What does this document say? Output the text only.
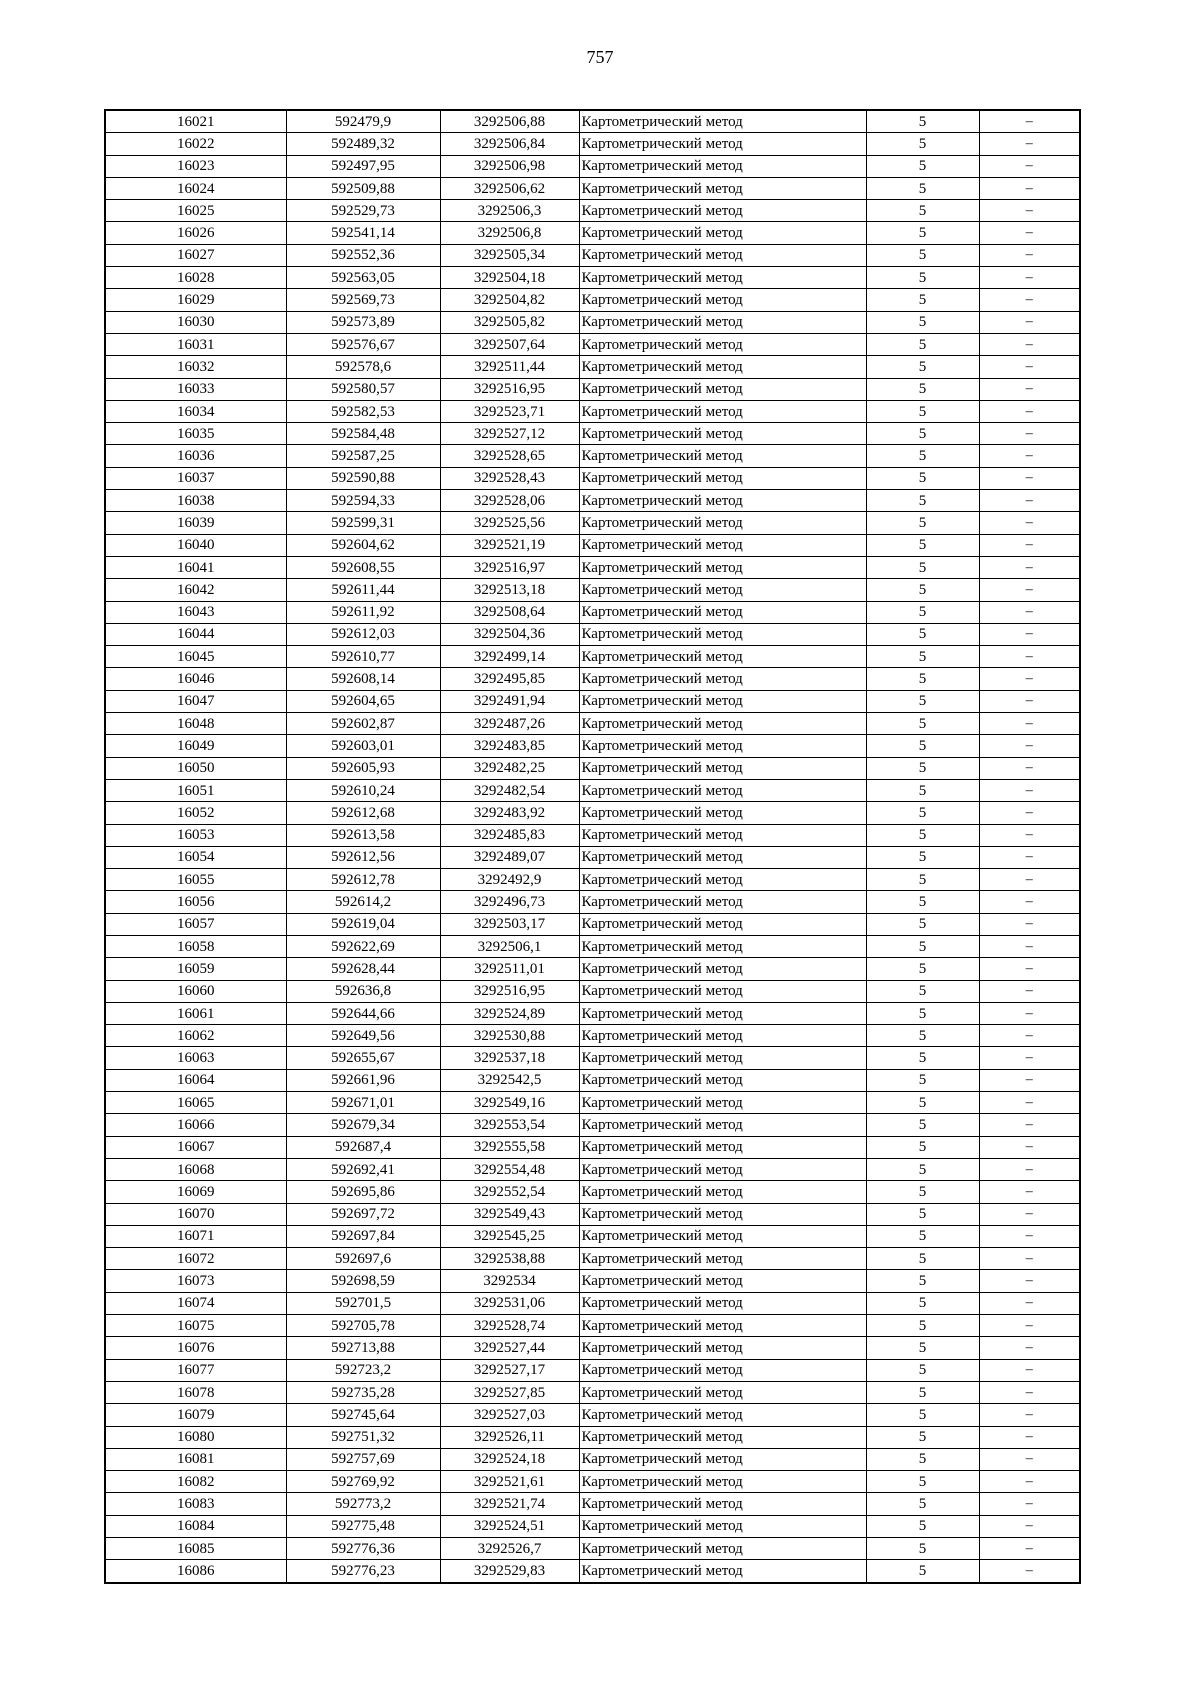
757
16021	592479,9	3292506,88	Картометрический метод	5	–
16022	592489,32	3292506,84	Картометрический метод	5	–
16023	592497,95	3292506,98	Картометрический метод	5	–
16024	592509,88	3292506,62	Картометрический метод	5	–
16025	592529,73	3292506,3	Картометрический метод	5	–
16026	592541,14	3292506,8	Картометрический метод	5	–
16027	592552,36	3292505,34	Картометрический метод	5	–
16028	592563,05	3292504,18	Картометрический метод	5	–
16029	592569,73	3292504,82	Картометрический метод	5	–
16030	592573,89	3292505,82	Картометрический метод	5	–
16031	592576,67	3292507,64	Картометрический метод	5	–
16032	592578,6	3292511,44	Картометрический метод	5	–
16033	592580,57	3292516,95	Картометрический метод	5	–
16034	592582,53	3292523,71	Картометрический метод	5	–
16035	592584,48	3292527,12	Картометрический метод	5	–
16036	592587,25	3292528,65	Картометрический метод	5	–
16037	592590,88	3292528,43	Картометрический метод	5	–
16038	592594,33	3292528,06	Картометрический метод	5	–
16039	592599,31	3292525,56	Картометрический метод	5	–
16040	592604,62	3292521,19	Картометрический метод	5	–
16041	592608,55	3292516,97	Картометрический метод	5	–
16042	592611,44	3292513,18	Картометрический метод	5	–
16043	592611,92	3292508,64	Картометрический метод	5	–
16044	592612,03	3292504,36	Картометрический метод	5	–
16045	592610,77	3292499,14	Картометрический метод	5	–
16046	592608,14	3292495,85	Картометрический метод	5	–
16047	592604,65	3292491,94	Картометрический метод	5	–
16048	592602,87	3292487,26	Картометрический метод	5	–
16049	592603,01	3292483,85	Картометрический метод	5	–
16050	592605,93	3292482,25	Картометрический метод	5	–
16051	592610,24	3292482,54	Картометрический метод	5	–
16052	592612,68	3292483,92	Картометрический метод	5	–
16053	592613,58	3292485,83	Картометрический метод	5	–
16054	592612,56	3292489,07	Картометрический метод	5	–
16055	592612,78	3292492,9	Картометрический метод	5	–
16056	592614,2	3292496,73	Картометрический метод	5	–
16057	592619,04	3292503,17	Картометрический метод	5	–
16058	592622,69	3292506,1	Картометрический метод	5	–
16059	592628,44	3292511,01	Картометрический метод	5	–
16060	592636,8	3292516,95	Картометрический метод	5	–
16061	592644,66	3292524,89	Картометрический метод	5	–
16062	592649,56	3292530,88	Картометрический метод	5	–
16063	592655,67	3292537,18	Картометрический метод	5	–
16064	592661,96	3292542,5	Картометрический метод	5	–
16065	592671,01	3292549,16	Картометрический метод	5	–
16066	592679,34	3292553,54	Картометрический метод	5	–
16067	592687,4	3292555,58	Картометрический метод	5	–
16068	592692,41	3292554,48	Картометрический метод	5	–
16069	592695,86	3292552,54	Картометрический метод	5	–
16070	592697,72	3292549,43	Картометрический метод	5	–
16071	592697,84	3292545,25	Картометрический метод	5	–
16072	592697,6	3292538,88	Картометрический метод	5	–
16073	592698,59	3292534	Картометрический метод	5	–
16074	592701,5	3292531,06	Картометрический метод	5	–
16075	592705,78	3292528,74	Картометрический метод	5	–
16076	592713,88	3292527,44	Картометрический метод	5	–
16077	592723,2	3292527,17	Картометрический метод	5	–
16078	592735,28	3292527,85	Картометрический метод	5	–
16079	592745,64	3292527,03	Картометрический метод	5	–
16080	592751,32	3292526,11	Картометрический метод	5	–
16081	592757,69	3292524,18	Картометрический метод	5	–
16082	592769,92	3292521,61	Картометрический метод	5	–
16083	592773,2	3292521,74	Картометрический метод	5	–
16084	592775,48	3292524,51	Картометрический метод	5	–
16085	592776,36	3292526,7	Картометрический метод	5	–
16086	592776,23	3292529,83	Картометрический метод	5	–
